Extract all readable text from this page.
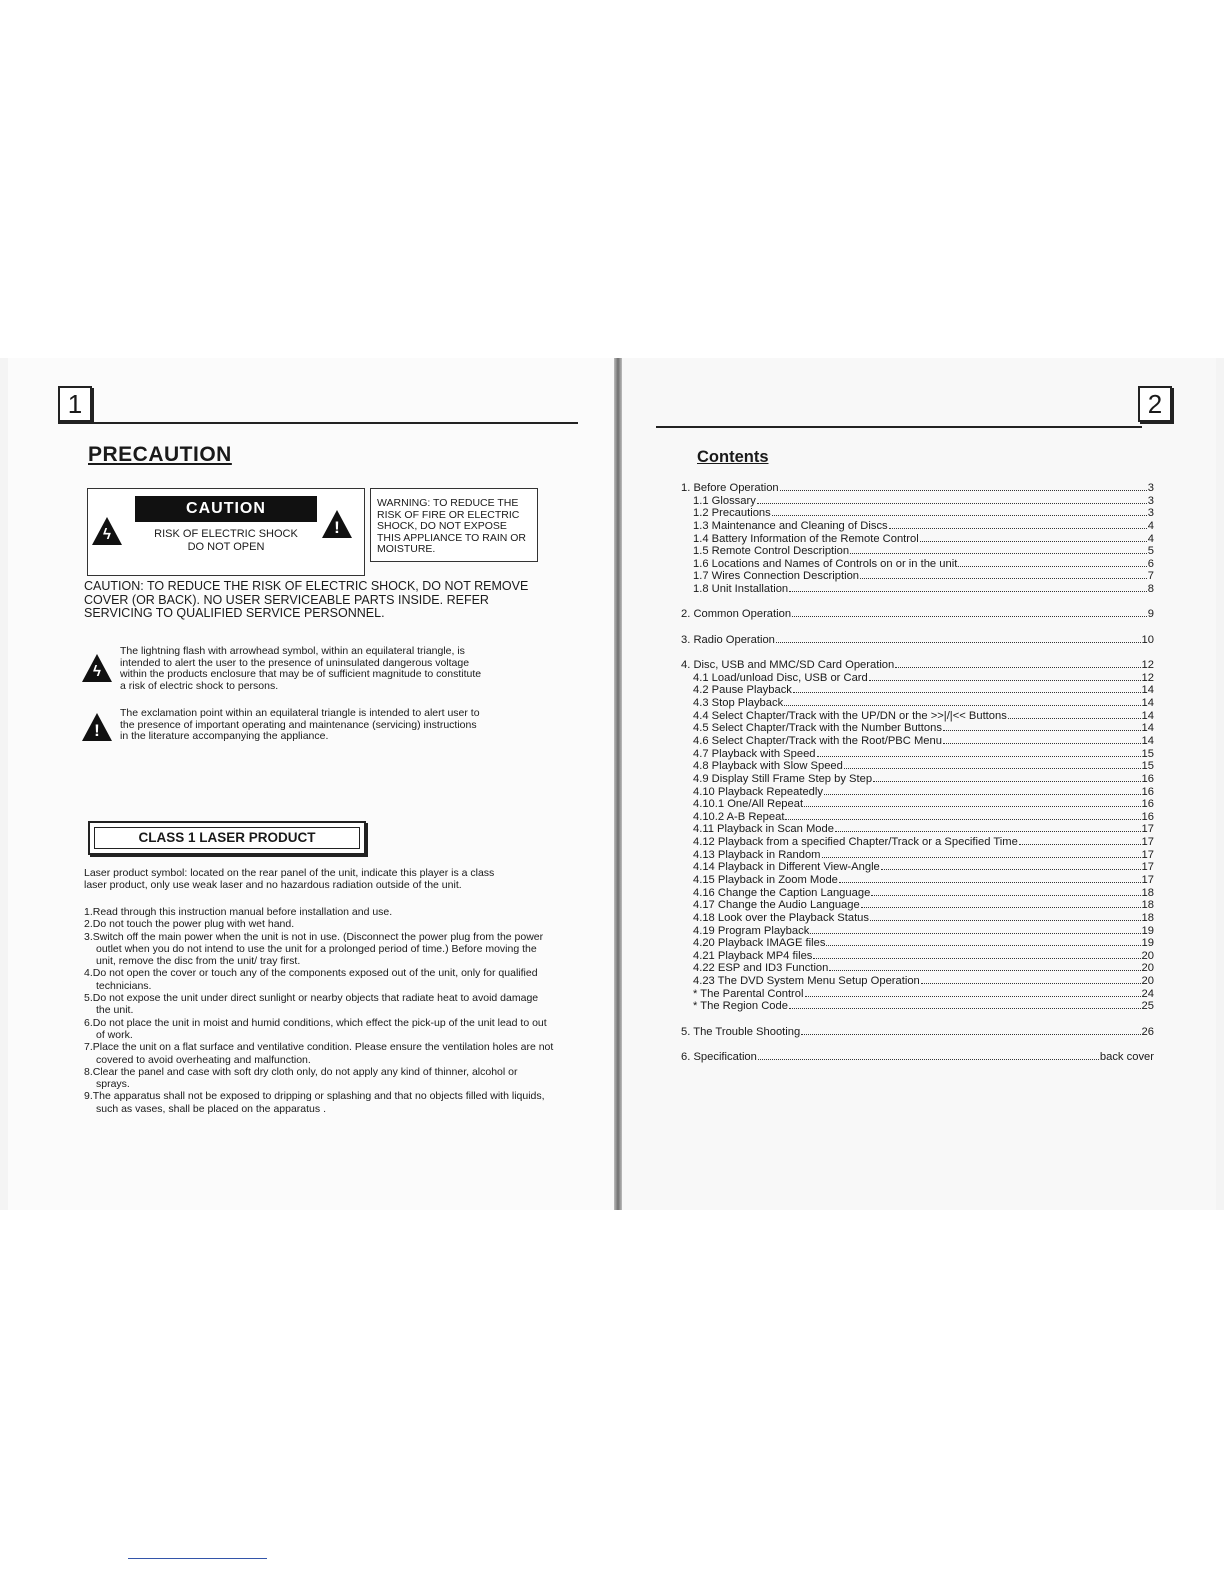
1
PRECAUTION
ϟ	!
CAUTION
RISK OF ELECTRIC SHOCK
DO NOT OPEN
WARNING: TO REDUCE THE
RISK OF FIRE OR ELECTRIC
SHOCK, DO NOT EXPOSE
THIS APPLIANCE TO RAIN OR
MOISTURE.
CAUTION: TO REDUCE THE RISK OF ELECTRIC SHOCK, DO NOT REMOVE
COVER (OR BACK). NO USER SERVICEABLE PARTS INSIDE. REFER
SERVICING TO QUALIFIED SERVICE PERSONNEL.
ϟ
The lightning flash with arrowhead symbol, within an equilateral triangle, is
intended to alert the user to the presence of uninsulated dangerous voltage
within the products enclosure that may be of sufficient magnitude to constitute
a risk of electric shock to persons.
!
The exclamation point within an equilateral triangle is intended to alert user to
the presence of important operating and maintenance (servicing) instructions
in the literature accompanying the appliance.
CLASS 1 LASER PRODUCT
Laser product symbol: located on the rear panel of the unit, indicate this player is a class
laser product, only use weak laser and no hazardous radiation outside of the unit.
1.Read through this instruction manual before installation and use.
2.Do not touch the power plug with wet hand.
3.Switch off the main power when the unit is not in use. (Disconnect the power plug from the power outlet when you do not intend to use the unit for a prolonged period of time.) Before moving the unit, remove the disc from the unit/ tray first.
4.Do not open the cover or touch any of the components exposed out of the unit, only for qualified technicians.
5.Do not expose the unit under direct sunlight or nearby objects that radiate heat to avoid damage the unit.
6.Do not place the unit in moist and humid conditions, which effect the pick-up of the unit lead to out of work.
7.Place the unit on a flat surface and ventilative condition. Please ensure the ventilation holes are not covered to avoid overheating and malfunction.
8.Clear the panel and case with soft dry cloth only, do not apply any kind of thinner, alcohol or sprays.
9.The apparatus shall not be exposed to dripping or splashing and that no objects filled with liquids, such as vases, shall be placed on the apparatus .
2
Contents
1. Before Operation	3
1.1 Glossary	3
1.2 Precautions	3
1.3 Maintenance and Cleaning of Discs	4
1.4 Battery Information of the Remote Control	4
1.5 Remote Control Description	5
1.6 Locations and Names of Controls on or in the unit	6
1.7 Wires Connection Description	7
1.8 Unit Installation	8
2. Common Operation	9
3. Radio Operation	10
4. Disc, USB and MMC/SD Card Operation	12
4.1 Load/unload Disc, USB or Card	12
4.2 Pause Playback	14
4.3 Stop Playback	14
4.4 Select Chapter/Track with the UP/DN or the >>|/|<< Buttons	14
4.5 Select Chapter/Track with the Number Buttons	14
4.6 Select Chapter/Track with the Root/PBC Menu	14
4.7 Playback with Speed	15
4.8 Playback with Slow Speed	15
4.9 Display Still Frame Step by Step	16
4.10 Playback Repeatedly	16
4.10.1 One/All Repeat	16
4.10.2 A-B Repeat	16
4.11 Playback in Scan Mode	17
4.12 Playback from a specified Chapter/Track or a Specified Time	17
4.13 Playback in Random	17
4.14 Playback in Different View-Angle	17
4.15 Playback in Zoom Mode	17
4.16 Change the Caption Language	18
4.17 Change the Audio Language	18
4.18 Look over the Playback Status	18
4.19 Program Playback	19
4.20 Playback IMAGE files	19
4.21 Playback MP4 files	20
4.22 ESP and ID3 Function	20
4.23 The DVD System Menu Setup Operation	20
* The Parental Control	24
* The Region Code	25
5. The Trouble Shooting	26
6. Specification	back cover
